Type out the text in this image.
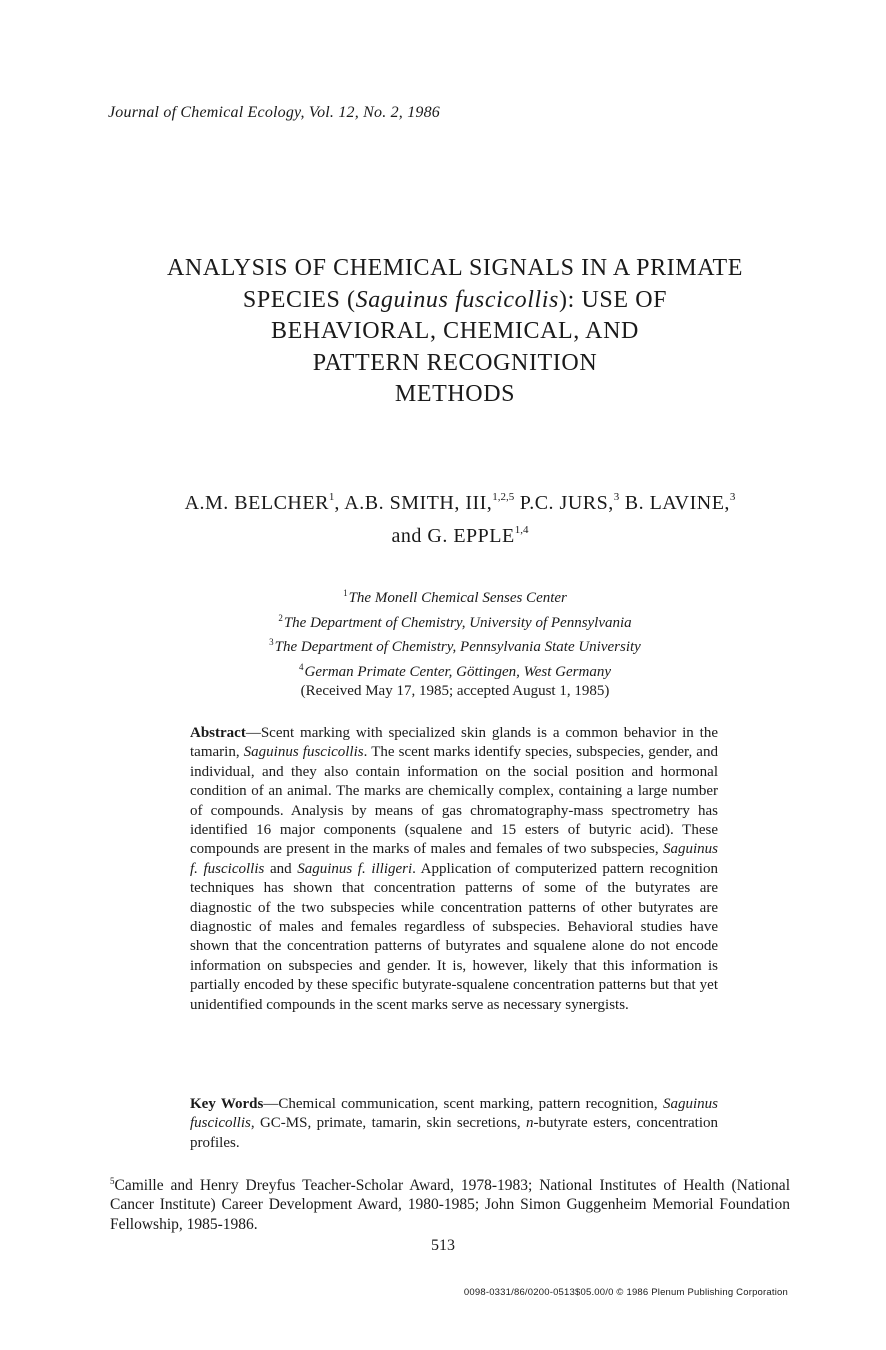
Journal of Chemical Ecology, Vol. 12, No. 2, 1986
ANALYSIS OF CHEMICAL SIGNALS IN A PRIMATE
SPECIES (Saguinus fuscicollis): USE OF
BEHAVIORAL, CHEMICAL, AND
PATTERN RECOGNITION
METHODS
A.M. BELCHER$^1$, A.B. SMITH, III,$^{1,2,5}$ P.C. JURS,$^3$ B. LAVINE,$^3$
and G. EPPLE$^{1,4}$
$^1$The Monell Chemical Senses Center
$^2$The Department of Chemistry, University of Pennsylvania
$^3$The Department of Chemistry, Pennsylvania State University
$^4$German Primate Center, Göttingen, West Germany
(Received May 17, 1985; accepted August 1, 1985)
Abstract—Scent marking with specialized skin glands is a common behavior in the tamarin, Saguinus fuscicollis. The scent marks identify species, subspecies, gender, and individual, and they also contain information on the social position and hormonal condition of an animal. The marks are chemically complex, containing a large number of compounds. Analysis by means of gas chromatography-mass spectrometry has identified 16 major components (squalene and 15 esters of butyric acid). These compounds are present in the marks of males and females of two subspecies, Saguinus f. fuscicollis and Saguinus f. illigeri. Application of computerized pattern recognition techniques has shown that concentration patterns of some of the butyrates are diagnostic of the two subspecies while concentration patterns of other butyrates are diagnostic of males and females regardless of subspecies. Behavioral studies have shown that the concentration patterns of butyrates and squalene alone do not encode information on subspecies and gender. It is, however, likely that this information is partially encoded by these specific butyrate-squalene concentration patterns but that yet unidentified compounds in the scent marks serve as necessary synergists.
Key Words—Chemical communication, scent marking, pattern recognition, Saguinus fuscicollis, GC-MS, primate, tamarin, skin secretions, n-butyrate esters, concentration profiles.
$^5$Camille and Henry Dreyfus Teacher-Scholar Award, 1978-1983; National Institutes of Health (National Cancer Institute) Career Development Award, 1980-1985; John Simon Guggenheim Memorial Foundation Fellowship, 1985-1986.
513
0098-0331/86/0200-0513$05.00/0 © 1986 Plenum Publishing Corporation
